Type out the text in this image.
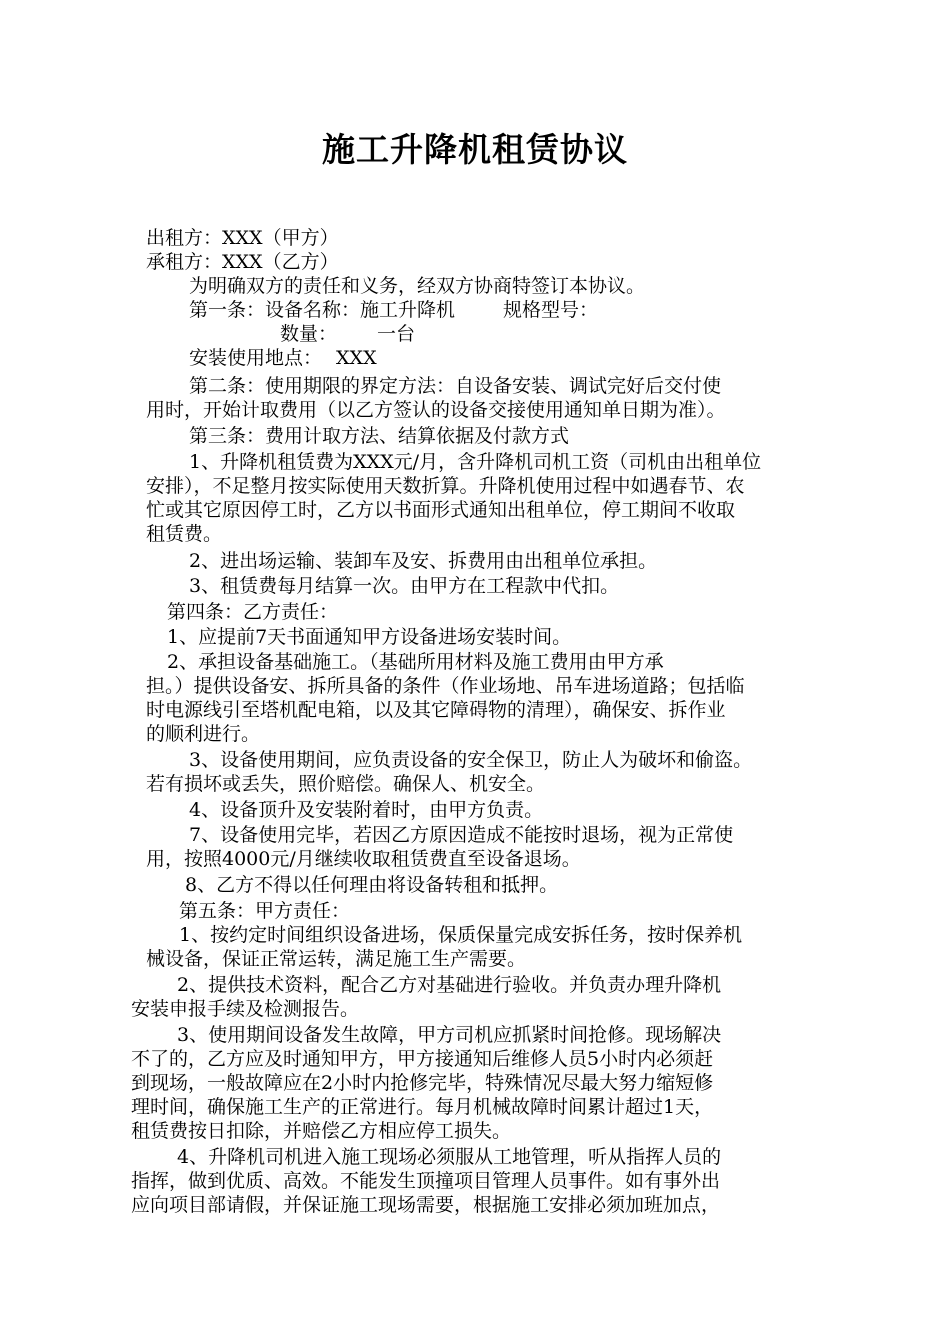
施工升降机租赁协议
出租方：XXX（甲方）
承租方：XXX（乙方）
为明确双方的责任和义务，经双方协商特签订本协议。
第一条：设备名称：施工升降机	规格型号：
数量： 一台
安装使用地点： XXX
第二条：使用期限的界定方法：自设备安装、调试完好后交付使
用时，开始计取费用（以乙方签认的设备交接使用通知单日期为准）。
第三条：费用计取方法、结算依据及付款方式
1、升降机租赁费为XXX元/月，含升降机司机工资（司机由出租单位
安排），不足整月按实际使用天数折算。升降机使用过程中如遇春节、农
忙或其它原因停工时，乙方以书面形式通知出租单位，停工期间不收取
租赁费。
2、进出场运输、装卸车及安、拆费用由出租单位承担。
3、租赁费每月结算一次。由甲方在工程款中代扣。
第四条：乙方责任：
1、应提前7天书面通知甲方设备进场安装时间。
2、承担设备基础施工。（基础所用材料及施工费用由甲方承
担。）提供设备安、拆所具备的条件（作业场地、吊车进场道路；包括临
时电源线引至塔机配电箱，以及其它障碍物的清理），确保安、拆作业
的顺利进行。
3、设备使用期间，应负责设备的安全保卫，防止人为破坏和偷盗。
若有损坏或丢失，照价赔偿。确保人、机安全。
4、设备顶升及安装附着时，由甲方负责。
7、设备使用完毕，若因乙方原因造成不能按时退场，视为正常使
用，按照4000元/月继续收取租赁费直至设备退场。
8、乙方不得以任何理由将设备转租和抵押。
第五条：甲方责任：
1、按约定时间组织设备进场，保质保量完成安拆任务，按时保养机
械设备，保证正常运转，满足施工生产需要。
2、提供技术资料，配合乙方对基础进行验收。并负责办理升降机
安装申报手续及检测报告。
3、使用期间设备发生故障，甲方司机应抓紧时间抢修。现场解决
不了的，乙方应及时通知甲方，甲方接通知后维修人员5小时内必须赶
到现场，一般故障应在2小时内抢修完毕，特殊情况尽最大努力缩短修
理时间，确保施工生产的正常进行。每月机械故障时间累计超过1天，
租赁费按日扣除，并赔偿乙方相应停工损失。
4、升降机司机进入施工现场必须服从工地管理，听从指挥人员的
指挥，做到优质、高效。不能发生顶撞项目管理人员事件。如有事外出
应向项目部请假，并保证施工现场需要，根据施工安排必须加班加点，
